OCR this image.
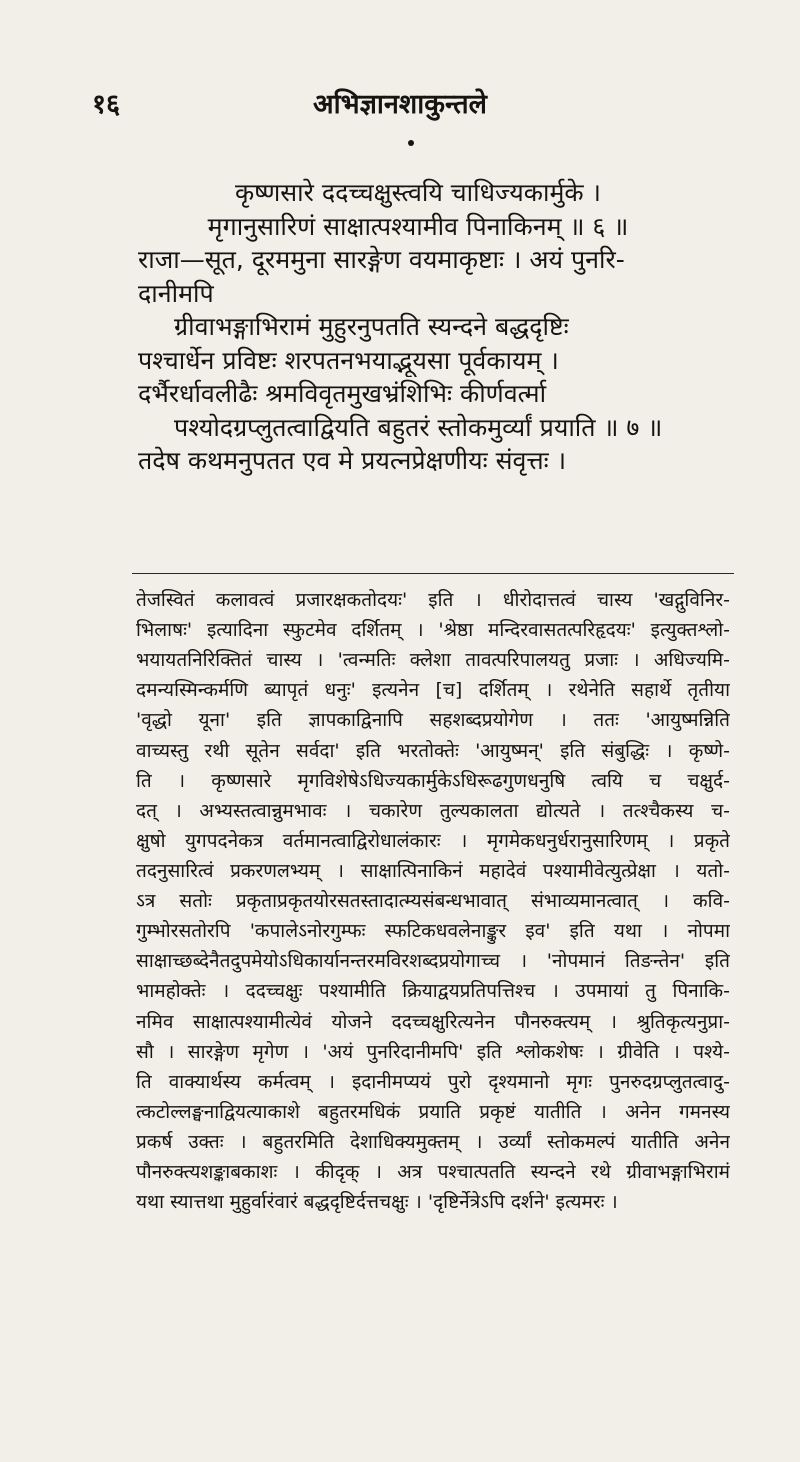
१६	अभिज्ञानशाकुन्तले
कृष्णसारे ददच्चक्षुस्त्वयि चाधिज्यकार्मुके ।
मृगानुसारिणं साक्षात्पश्यामीव पिनाकिनम् ॥ ६ ॥
राजा—सूत, दूरममुना सारङ्गेण वयमाकृष्टाः । अयं पुनरि-
दानीमपि
ग्रीवाभङ्गाभिरामं मुहुरनुपतति स्यन्दने बद्धदृष्टिः
पश्चार्धेन प्रविष्टः शरपतनभयाद्भूयसा पूर्वकायम् ।
दर्भैरर्धावलीढैः श्रमविवृतमुखभ्रंशिभिः कीर्णवर्त्मा
पश्योदग्रप्लुतत्वाद्वियति बहुतरं स्तोकमुर्व्यां प्रयाति ॥ ७ ॥
तदेष कथमनुपतत एव मे प्रयत्नप्रेक्षणीयः संवृत्तः ।
तेजस्वितं कलावत्वं प्रजारक्षकतोदयः' इति । धीरोदात्तत्वं चास्य 'खद्गुविनिर-
भिलाषः' इत्यादिना स्फुटमेव दर्शितम् । 'श्रेष्ठा मन्दिरवासतत्परिहृदयः' इत्युक्तश्लो-
भयायतनिरिक्तितं चास्य । 'त्वन्मतिः क्लेशा तावत्परिपालयतु प्रजाः । अधिज्यमि-
दमन्यस्मिन्कर्मणि ब्यापृतं धनुः' इत्यनेन [च] दर्शितम् । रथेनेति सहार्थे तृतीया
'वृद्धो यूना' इति ज्ञापकाद्विनापि सहशब्दप्रयोगेण । ततः 'आयुष्मन्निति
वाच्यस्तु रथी सूतेन सर्वदा' इति भरतोक्तेः 'आयुष्मन्' इति संबुद्धिः । कृष्णे-
ति । कृष्णसारे मृगविशेषेऽधिज्यकार्मुकेऽधिरूढगुणधनुषि त्वयि च चक्षुर्द-
दत् । अभ्यस्तत्वान्नुमभावः । चकारेण तुल्यकालता द्योत्यते । तत्श्चैकस्य च-
क्षुषो युगपदनेकत्र वर्तमानत्वाद्विरोधालंकारः । मृगमेकधनुर्धरानुसारिणम् । प्रकृते
तदनुसारित्वं प्रकरणलभ्यम् । साक्षात्पिनाकिनं महादेवं पश्यामीवेत्युत्प्रेक्षा । यतो-
ऽत्र सतोः प्रकृताप्रकृतयोरसतस्तादात्म्यसंबन्धभावात् संभाव्यमानत्वात् । कवि-
गुम्भोरसतोरपि 'कपालेऽनोरगुम्फः स्फटिकधवलेनाङ्कुर इव' इति यथा । नोपमा
साक्षाच्छब्देनैतदुपमेयोऽधिकार्यानन्तरमविरशब्दप्रयोगाच्च । 'नोपमानं तिङन्तेन' इति
भामहोक्तेः । ददच्चक्षुः पश्यामीति क्रियाद्वयप्रतिपत्तिश्च । उपमायां तु पिनाकि-
नमिव साक्षात्पश्यामीत्येवं योजने ददच्चक्षुरित्यनेन पौनरुक्त्यम् । श्रुतिकृत्यनुप्रा-
सौ । सारङ्गेण मृगेण । 'अयं पुनरिदानीमपि' इति श्लोकशेषः । ग्रीवेति । पश्ये-
ति वाक्यार्थस्य कर्मत्वम् । इदानीमप्ययं पुरो दृश्यमानो मृगः पुनरुदग्रप्लुतत्वादु-
त्कटोल्लङ्घनाद्वियत्याकाशे बहुतरमधिकं प्रयाति प्रकृष्टं यातीति । अनेन गमनस्य
प्रकर्ष उक्तः । बहुतरमिति देशाधिक्यमुक्तम् । उर्व्यां स्तोकमल्पं यातीति अनेन
पौनरुक्त्यशङ्काबकाशः । कीदृक् । अत्र पश्चात्पतति स्यन्दने रथे ग्रीवाभङ्गाभिरामं
यथा स्यात्तथा मुहुर्वारंवारं बद्धदृष्टिर्दत्तचक्षुः । 'दृष्टिर्नेत्रेऽपि दर्शने' इत्यमरः ।
